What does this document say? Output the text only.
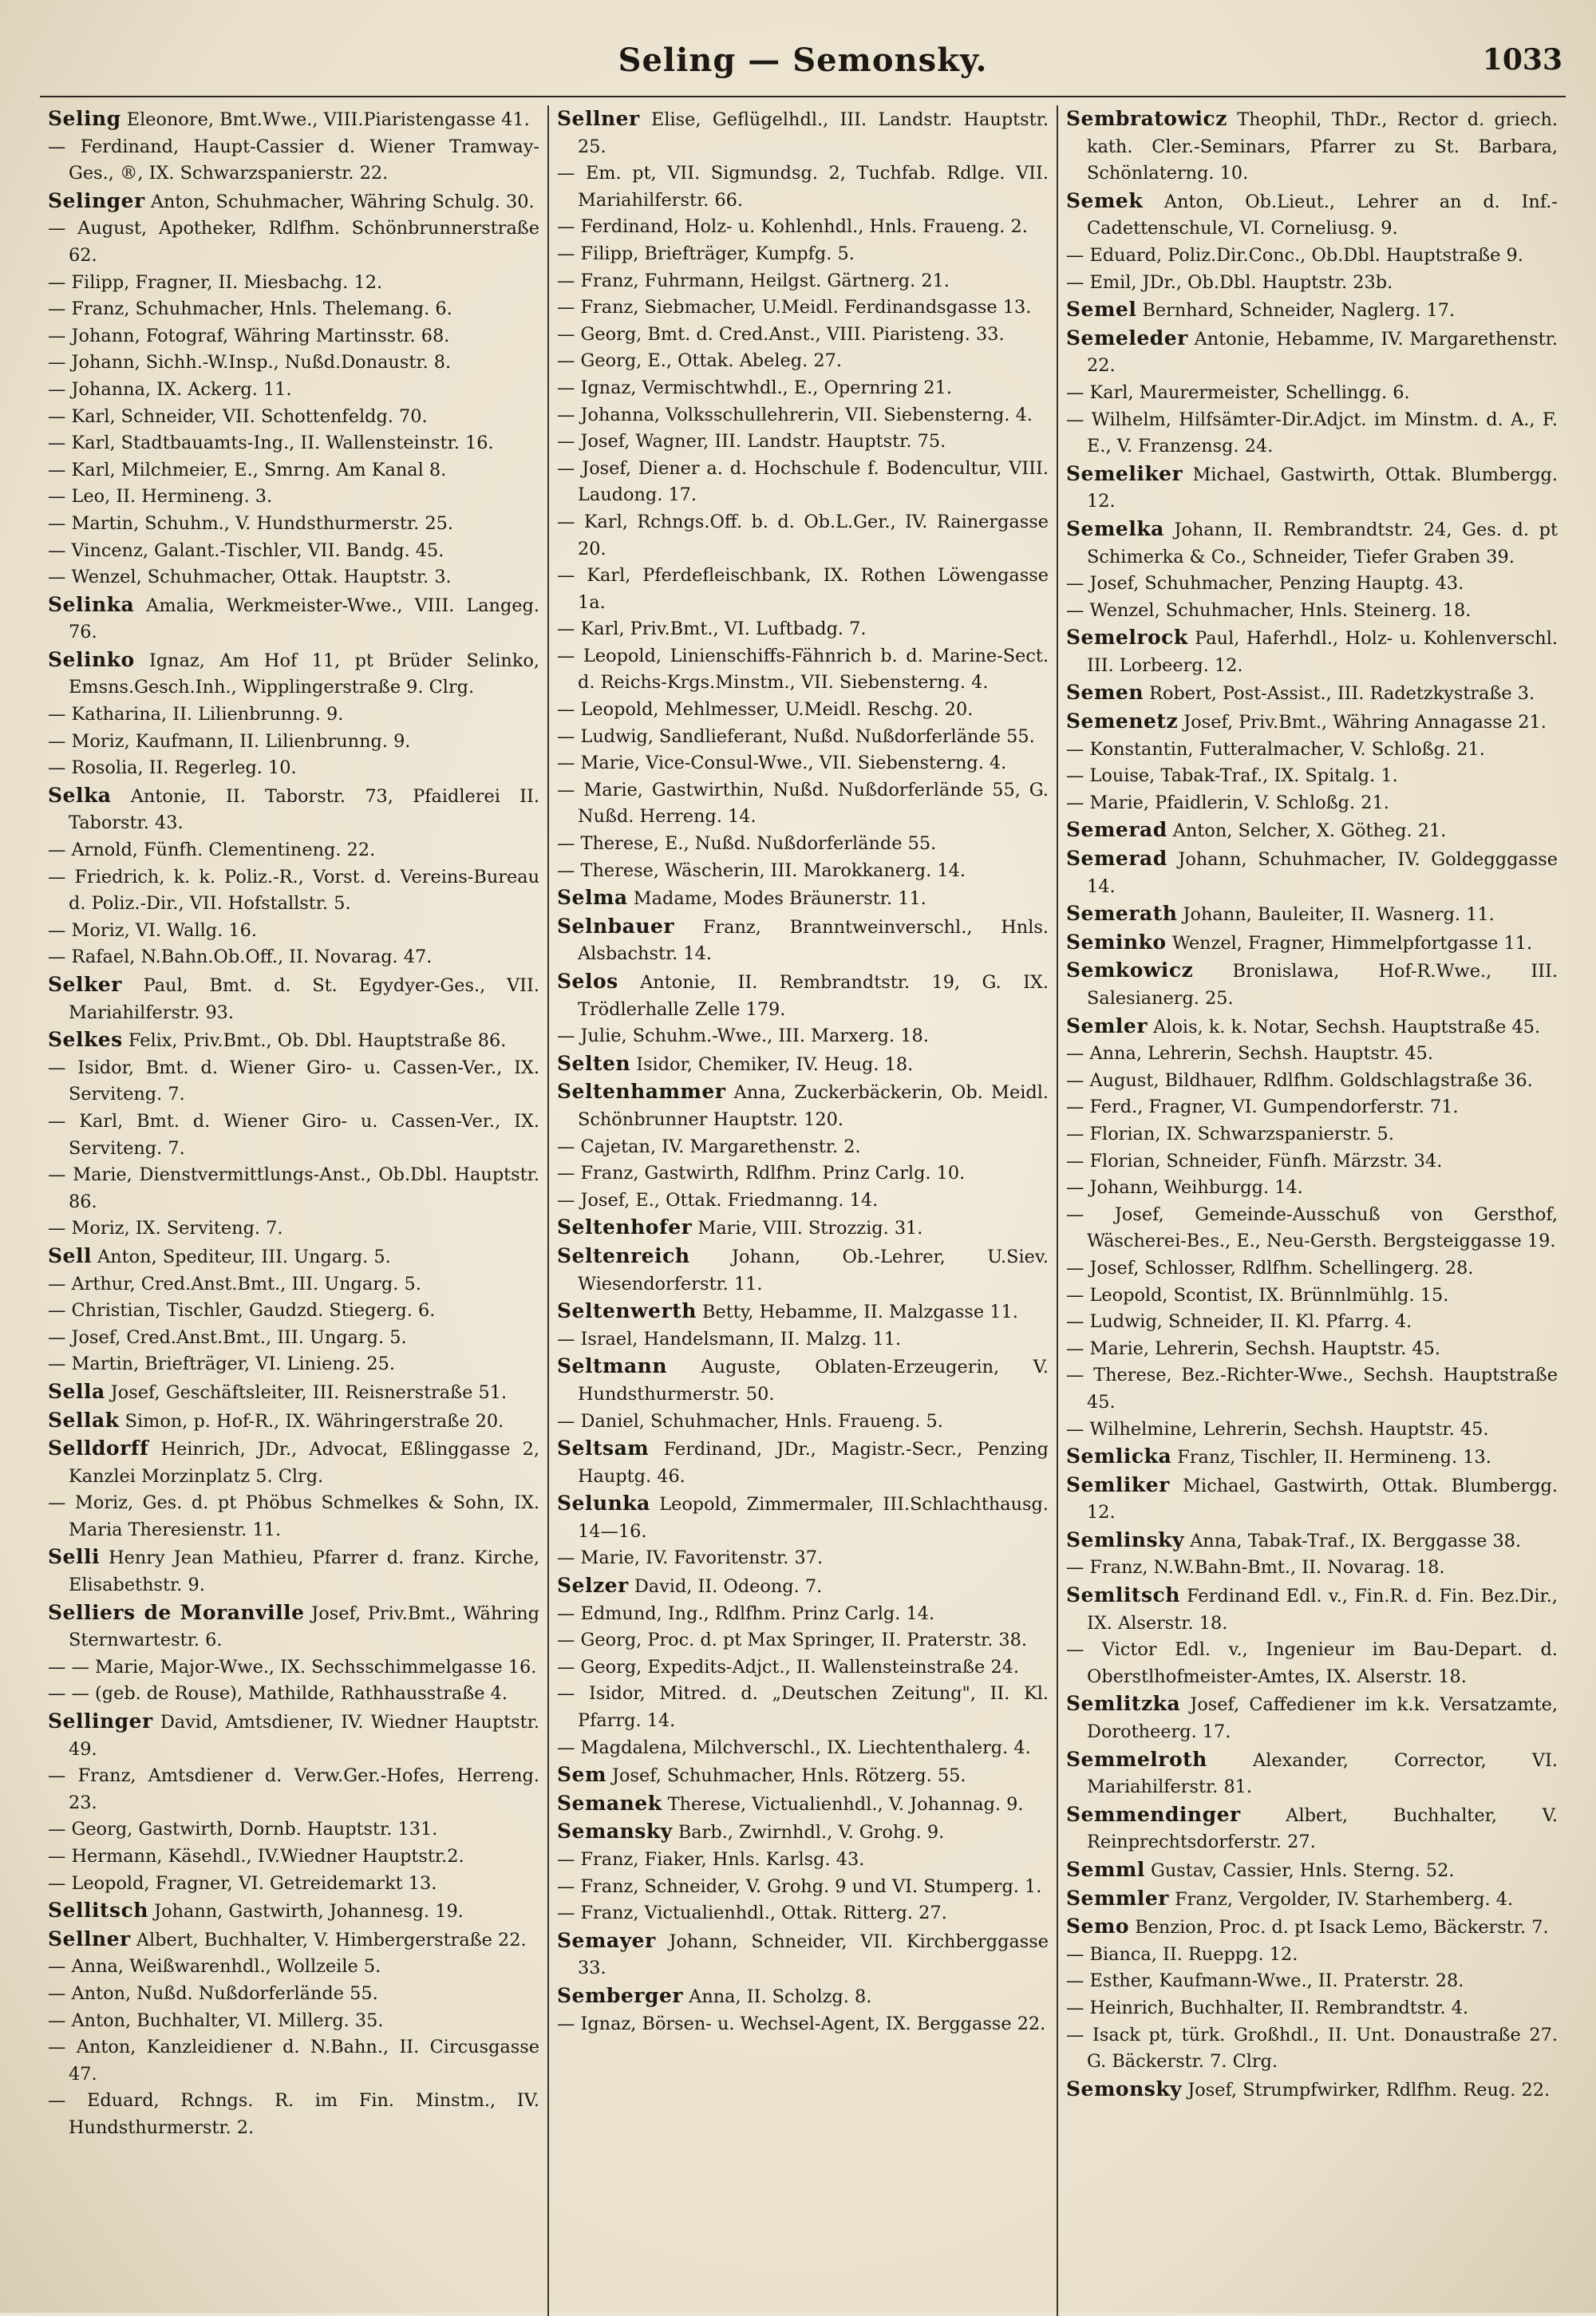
Seling — Semonsky.	1033
Seling Eleonore, Bmt.Wwe., VIII.Piaristengasse 41.
— Ferdinand, Haupt-Cassier d. Wiener Tramway-Ges., ®, IX. Schwarzspanierstr. 22.
Selinger Anton, Schuhmacher, Währing Schulg. 30.
— August, Apotheker, Rdlfhm. Schönbrunnerstraße 62.
— Filipp, Fragner, II. Miesbachg. 12.
— Franz, Schuhmacher, Hnls. Thelemang. 6.
— Johann, Fotograf, Währing Martinsstr. 68.
— Johann, Sichh.-W.Insp., Nußd.Donaustr. 8.
— Johanna, IX. Ackerg. 11.
— Karl, Schneider, VII. Schottenfeldg. 70.
— Karl, Stadtbauamts-Ing., II. Wallensteinstr. 16.
— Karl, Milchmeier, E., Smrng. Am Kanal 8.
— Leo, II. Hermineng. 3.
— Martin, Schuhm., V. Hundsthurmerstr. 25.
— Vincenz, Galant.-Tischler, VII. Bandg. 45.
— Wenzel, Schuhmacher, Ottak. Hauptstr. 3.
Selinka Amalia, Werkmeister-Wwe., VIII. Langeg. 76.
Selinko Ignaz, Am Hof 11, pt Brüder Selinko, Emsns.Gesch.Inh., Wipplingerstraße 9. Clrg.
— Katharina, II. Lilienbrunng. 9.
— Moriz, Kaufmann, II. Lilienbrunng. 9.
— Rosolia, II. Regerleg. 10.
Selka Antonie, II. Taborstr. 73, Pfaidlerei II. Taborstr. 43.
— Arnold, Fünfh. Clementineng. 22.
— Friedrich, k. k. Poliz.-R., Vorst. d. Vereins-Bureau d. Poliz.-Dir., VII. Hofstallstr. 5.
— Moriz, VI. Wallg. 16.
— Rafael, N.Bahn.Ob.Off., II. Novarag. 47.
Selker Paul, Bmt. d. St. Egydyer-Ges., VII. Mariahilferstr. 93.
Selkes Felix, Priv.Bmt., Ob. Dbl. Hauptstraße 86.
— Isidor, Bmt. d. Wiener Giro- u. Cassen-Ver., IX. Serviteng. 7.
— Karl, Bmt. d. Wiener Giro- u. Cassen-Ver., IX. Serviteng. 7.
— Marie, Dienstvermittlungs-Anst., Ob.Dbl. Hauptstr. 86.
— Moriz, IX. Serviteng. 7.
Sell Anton, Spediteur, III. Ungarg. 5.
— Arthur, Cred.Anst.Bmt., III. Ungarg. 5.
— Christian, Tischler, Gaudzd. Stiegerg. 6.
— Josef, Cred.Anst.Bmt., III. Ungarg. 5.
— Martin, Briefträger, VI. Linieng. 25.
Sella Josef, Geschäftsleiter, III. Reisnerstraße 51.
Sellak Simon, p. Hof-R., IX. Währingerstraße 20.
Selldorff Heinrich, JDr., Advocat, Eßlinggasse 2, Kanzlei Morzinplatz 5. Clrg.
— Moriz, Ges. d. pt Phöbus Schmelkes & Sohn, IX. Maria Theresienstr. 11.
Selli Henry Jean Mathieu, Pfarrer d. franz. Kirche, Elisabethstr. 9.
Selliers de Moranville Josef, Priv.Bmt., Währing Sternwartestr. 6.
— — Marie, Major-Wwe., IX. Sechsschimmelgasse 16.
— — (geb. de Rouse), Mathilde, Rathhausstraße 4.
Sellinger David, Amtsdiener, IV. Wiedner Hauptstr. 49.
— Franz, Amtsdiener d. Verw.Ger.-Hofes, Herreng. 23.
— Georg, Gastwirth, Dornb. Hauptstr. 131.
— Hermann, Käsehdl., IV.Wiedner Hauptstr.2.
— Leopold, Fragner, VI. Getreidemarkt 13.
Sellitsch Johann, Gastwirth, Johannesg. 19.
Sellner Albert, Buchhalter, V. Himbergerstraße 22.
— Anna, Weißwarenhdl., Wollzeile 5.
— Anton, Nußd. Nußdorferlände 55.
— Anton, Buchhalter, VI. Millerg. 35.
— Anton, Kanzleidiener d. N.Bahn., II. Circusgasse 47.
— Eduard, Rchngs. R. im Fin. Minstm., IV. Hundsthurmerstr. 2.
Sellner Elise, Geflügelhdl., III. Landstr. Hauptstr. 25.
— Em. pt, VII. Sigmundsg. 2, Tuchfab. Rdlge. VII. Mariahilferstr. 66.
— Ferdinand, Holz- u. Kohlenhdl., Hnls. Fraueng. 2.
— Filipp, Briefträger, Kumpfg. 5.
— Franz, Fuhrmann, Heilgst. Gärtnerg. 21.
— Franz, Siebmacher, U.Meidl. Ferdinandsgasse 13.
— Georg, Bmt. d. Cred.Anst., VIII. Piaristeng. 33.
— Georg, E., Ottak. Abeleg. 27.
— Ignaz, Vermischtwhdl., E., Opernring 21.
— Johanna, Volksschullehrerin, VII. Siebensterng. 4.
— Josef, Wagner, III. Landstr. Hauptstr. 75.
— Josef, Diener a. d. Hochschule f. Bodencultur, VIII. Laudong. 17.
— Karl, Rchngs.Off. b. d. Ob.L.Ger., IV. Rainergasse 20.
— Karl, Pferdefleischbank, IX. Rothen Löwengasse 1a.
— Karl, Priv.Bmt., VI. Luftbadg. 7.
— Leopold, Linienschiffs-Fähnrich b. d. Marine-Sect. d. Reichs-Krgs.Minstm., VII. Siebensterng. 4.
— Leopold, Mehlmesser, U.Meidl. Reschg. 20.
— Ludwig, Sandlieferant, Nußd. Nußdorferlände 55.
— Marie, Vice-Consul-Wwe., VII. Siebensterng. 4.
— Marie, Gastwirthin, Nußd. Nußdorferlände 55, G. Nußd. Herreng. 14.
— Therese, E., Nußd. Nußdorferlände 55.
— Therese, Wäscherin, III. Marokkanerg. 14.
Selma Madame, Modes Bräunerstr. 11.
Selnbauer Franz, Branntweinverschl., Hnls. Alsbachstr. 14.
Selos Antonie, II. Rembrandtstr. 19, G. IX. Trödlerhalle Zelle 179.
— Julie, Schuhm.-Wwe., III. Marxerg. 18.
Selten Isidor, Chemiker, IV. Heug. 18.
Seltenhammer Anna, Zuckerbäckerin, Ob. Meidl. Schönbrunner Hauptstr. 120.
— Cajetan, IV. Margarethenstr. 2.
— Franz, Gastwirth, Rdlfhm. Prinz Carlg. 10.
— Josef, E., Ottak. Friedmanng. 14.
Seltenhofer Marie, VIII. Strozzig. 31.
Seltenreich Johann, Ob.-Lehrer, U.Siev. Wiesendorferstr. 11.
Seltenwerth Betty, Hebamme, II. Malzgasse 11.
— Israel, Handelsmann, II. Malzg. 11.
Seltmann Auguste, Oblaten-Erzeugerin, V. Hundsthurmerstr. 50.
— Daniel, Schuhmacher, Hnls. Fraueng. 5.
Seltsam Ferdinand, JDr., Magistr.-Secr., Penzing Hauptg. 46.
Selunka Leopold, Zimmermaler, III.Schlachthausg. 14—16.
— Marie, IV. Favoritenstr. 37.
Selzer David, II. Odeong. 7.
— Edmund, Ing., Rdlfhm. Prinz Carlg. 14.
— Georg, Proc. d. pt Max Springer, II. Praterstr. 38.
— Georg, Expedits-Adjct., II. Wallensteinstraße 24.
— Isidor, Mitred. d. „Deutschen Zeitung", II. Kl. Pfarrg. 14.
— Magdalena, Milchverschl., IX. Liechtenthalerg. 4.
Sem Josef, Schuhmacher, Hnls. Rötzerg. 55.
Semanek Therese, Victualienhdl., V. Johannag. 9.
Semansky Barb., Zwirnhdl., V. Grohg. 9.
— Franz, Fiaker, Hnls. Karlsg. 43.
— Franz, Schneider, V. Grohg. 9 und VI. Stumperg. 1.
— Franz, Victualienhdl., Ottak. Ritterg. 27.
Semayer Johann, Schneider, VII. Kirchberggasse 33.
Semberger Anna, II. Scholzg. 8.
— Ignaz, Börsen- u. Wechsel-Agent, IX. Berggasse 22.
Sembratowicz Theophil, ThDr., Rector d. griech. kath. Cler.-Seminars, Pfarrer zu St. Barbara, Schönlaterng. 10.
Semek Anton, Ob.Lieut., Lehrer an d. Inf.-Cadettenschule, VI. Corneliusg. 9.
— Eduard, Poliz.Dir.Conc., Ob.Dbl. Hauptstraße 9.
— Emil, JDr., Ob.Dbl. Hauptstr. 23b.
Semel Bernhard, Schneider, Naglerg. 17.
Semeleder Antonie, Hebamme, IV. Margarethenstr. 22.
— Karl, Maurermeister, Schellingg. 6.
— Wilhelm, Hilfsämter-Dir.Adjct. im Minstm. d. A., F. E., V. Franzensg. 24.
Semeliker Michael, Gastwirth, Ottak. Blumbergg. 12.
Semelka Johann, II. Rembrandtstr. 24, Ges. d. pt Schimerka & Co., Schneider, Tiefer Graben 39.
— Josef, Schuhmacher, Penzing Hauptg. 43.
— Wenzel, Schuhmacher, Hnls. Steinerg. 18.
Semelrock Paul, Haferhdl., Holz- u. Kohlenverschl. III. Lorbeerg. 12.
Semen Robert, Post-Assist., III. Radetzkystraße 3.
Semenetz Josef, Priv.Bmt., Währing Annagasse 21.
— Konstantin, Futteralmacher, V. Schloßg. 21.
— Louise, Tabak-Traf., IX. Spitalg. 1.
— Marie, Pfaidlerin, V. Schloßg. 21.
Semerad Anton, Selcher, X. Götheg. 21.
Semerad Johann, Schuhmacher, IV. Goldegggasse 14.
Semerath Johann, Bauleiter, II. Wasnerg. 11.
Seminko Wenzel, Fragner, Himmelpfortgasse 11.
Semkowicz Bronislawa, Hof-R.Wwe., III. Salesianerg. 25.
Semler Alois, k. k. Notar, Sechsh. Hauptstraße 45.
— Anna, Lehrerin, Sechsh. Hauptstr. 45.
— August, Bildhauer, Rdlfhm. Goldschlagstraße 36.
— Ferd., Fragner, VI. Gumpendorferstr. 71.
— Florian, IX. Schwarzspanierstr. 5.
— Florian, Schneider, Fünfh. Märzstr. 34.
— Johann, Weihburgg. 14.
— Josef, Gemeinde-Ausschuß von Gersthof, Wäscherei-Bes., E., Neu-Gersth. Bergsteiggasse 19.
— Josef, Schlosser, Rdlfhm. Schellingerg. 28.
— Leopold, Scontist, IX. Brünnlmühlg. 15.
— Ludwig, Schneider, II. Kl. Pfarrg. 4.
— Marie, Lehrerin, Sechsh. Hauptstr. 45.
— Therese, Bez.-Richter-Wwe., Sechsh. Hauptstraße 45.
— Wilhelmine, Lehrerin, Sechsh. Hauptstr. 45.
Semlicka Franz, Tischler, II. Hermineng. 13.
Semliker Michael, Gastwirth, Ottak. Blumbergg. 12.
Semlinsky Anna, Tabak-Traf., IX. Berggasse 38.
— Franz, N.W.Bahn-Bmt., II. Novarag. 18.
Semlitsch Ferdinand Edl. v., Fin.R. d. Fin. Bez.Dir., IX. Alserstr. 18.
— Victor Edl. v., Ingenieur im Bau-Depart. d. Oberstlhofmeister-Amtes, IX. Alserstr. 18.
Semlitzka Josef, Caffediener im k.k. Versatzamte, Dorotheerg. 17.
Semmelroth	Alexander, Corrector, VI. Mariahilferstr. 81.
Semmendinger	Albert, Buchhalter, V. Reinprechtsdorferstr. 27.
Semml Gustav, Cassier, Hnls. Sterng. 52.
Semmler Franz, Vergolder, IV. Starhemberg. 4.
Semo Benzion, Proc. d. pt Isack Lemo, Bäckerstr. 7.
— Bianca, II. Rueppg. 12.
— Esther, Kaufmann-Wwe., II. Praterstr. 28.
— Heinrich, Buchhalter, II. Rembrandtstr. 4.
— Isack pt, türk. Großhdl., II. Unt. Donaustraße 27. G. Bäckerstr. 7. Clrg.
Semonsky Josef, Strumpfwirker, Rdlfhm. Reug. 22.
